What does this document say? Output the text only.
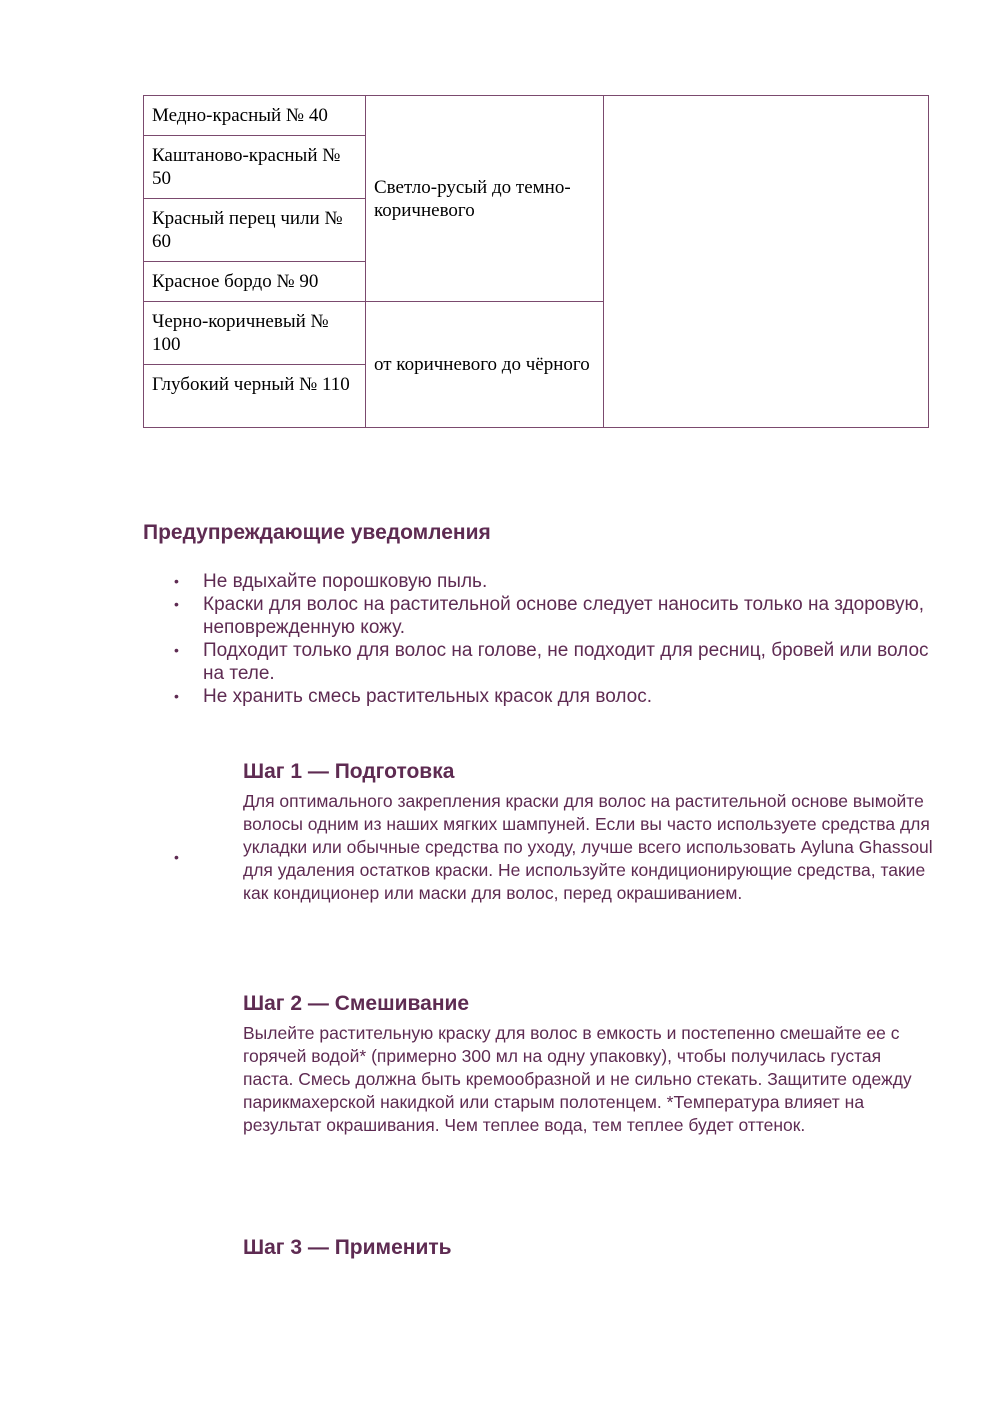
Медно-красный № 40	Светло-русый до темно-коричневого	
Каштаново-красный № 50		
Красный перец чили № 60		
Красное бордо № 90		
Черно-коричневый № 100	от коричневого до чёрного	
Глубокий черный № 110		
Предупреждающие уведомления
• Не вдыхайте порошковую пыль.
• Краски для волос на растительной основе следует наносить только на здоровую, неповрежденную кожу.
• Подходит только для волос на голове, не подходит для ресниц, бровей или волос на теле.
• Не хранить смесь растительных красок для волос.
•
Шаг 1 — Подготовка

Для оптимального закрепления краски для волос на растительной основе вымойте волосы одним из наших мягких шампуней. Если вы часто используете средства для укладки или обычные средства по уходу, лучше всего использовать Ayluna Ghassoul для удаления остатков краски. Не используйте кондиционирующие средства, такие как кондиционер или маски для волос, перед окрашиванием.

Шаг 2 — Смешивание

Вылейте растительную краску для волос в емкость и постепенно смешайте ее с горячей водой* (примерно 300 мл на одну упаковку), чтобы получилась густая паста. Смесь должна быть кремообразной и не сильно стекать. Защитите одежду парикмахерской накидкой или старым полотенцем. *Температура влияет на результат окрашивания. Чем теплее вода, тем теплее будет оттенок.

Шаг 3 — Применить
